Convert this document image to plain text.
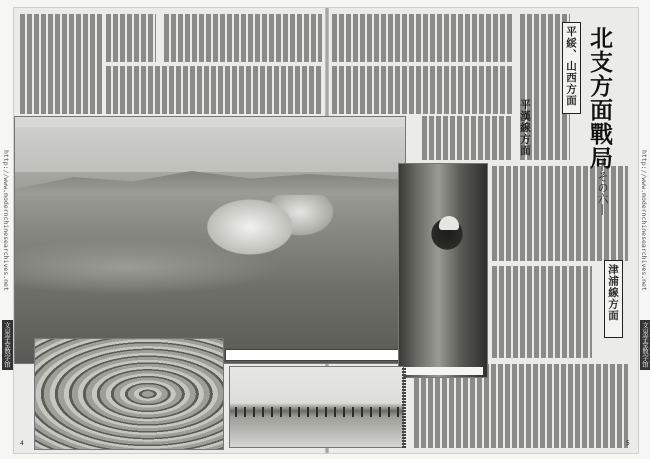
北支方面戰局
―その六―
平綏、山西方面
平漢線方面
津浦線方面
4	5
http://www.modernchinesearchives.net
文泉学堂数字馆
http://www.modernchinesearchives.net
文泉学堂数字馆
